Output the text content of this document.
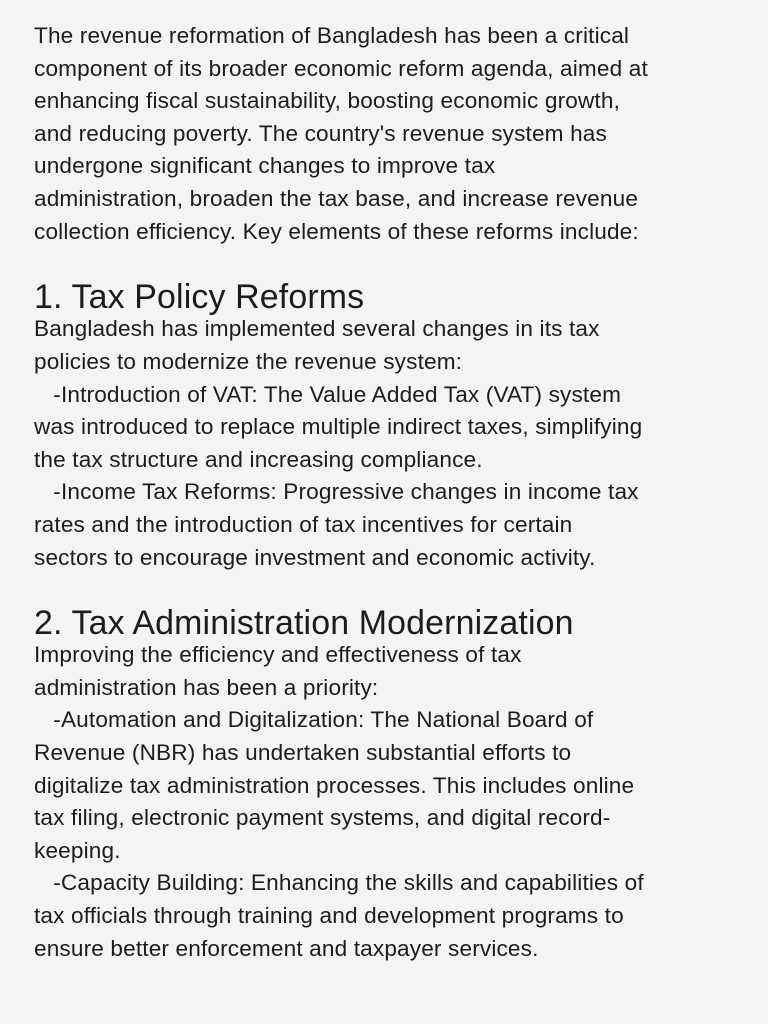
The revenue reformation of Bangladesh has been a critical
component of its broader economic reform agenda, aimed at
enhancing fiscal sustainability, boosting economic growth,
and reducing poverty. The country's revenue system has
undergone significant changes to improve tax
administration, broaden the tax base, and increase revenue
collection efficiency. Key elements of these reforms include:

1. Tax Policy Reforms

Bangladesh has implemented several changes in its tax
policies to modernize the revenue system:

-Introduction of VAT: The Value Added Tax (VAT) system
was introduced to replace multiple indirect taxes, simplifying
the tax structure and increasing compliance.

-Income Tax Reforms: Progressive changes in income tax
rates and the introduction of tax incentives for certain
sectors to encourage investment and economic activity.

2. Tax Administration Modernization

Improving the efficiency and effectiveness of tax
administration has been a priority:

-Automation and Digitalization: The National Board of
Revenue (NBR) has undertaken substantial efforts to
digitalize tax administration processes. This includes online
tax filing, electronic payment systems, and digital record-
keeping.

-Capacity Building: Enhancing the skills and capabilities of
tax officials through training and development programs to
ensure better enforcement and taxpayer services.
